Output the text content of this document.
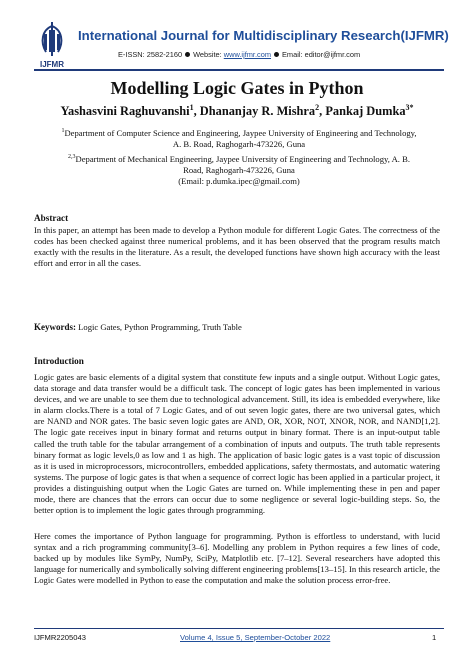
IJFMR
International Journal for Multidisciplinary Research(IJFMR)
E-ISSN: 2582-2160 Website: www.ijfmr.com Email: editor@ijfmr.com
Modelling Logic Gates in Python
Yashasvini Raghuvanshi$^1$, Dhananjay R. Mishra$^2$, Pankaj Dumka$^{3*}$
$^1$Department of Computer Science and Engineering, Jaypee University of Engineering and Technology,
A. B. Road, Raghogarh-473226, Guna
$^{2,3}$Department of Mechanical Engineering, Jaypee University of Engineering and Technology, A. B.
Road, Raghogarh-473226, Guna
(Email: p.dumka.ipec@gmail.com)
Abstract
In this paper, an attempt has been made to develop a Python module for different Logic Gates. The correctness of the codes has been checked against three numerical problems, and it has been observed that the program results match exactly with the results in the literature. As a result, the developed functions have shown high accuracy with the least effort and error in all the cases.
Keywords: Logic Gates, Python Programming, Truth Table
Introduction
Logic gates are basic elements of a digital system that constitute few inputs and a single output. Without Logic gates, data storage and data transfer would be a difficult task. The concept of logic gates has been implemented in various devices, and we are unable to see them due to technological advancement. Still, its idea is embedded everywhere, like in alarm clocks.There is a total of 7 Logic Gates, and of out seven logic gates, there are two universal gates, which are NAND and NOR gates. The basic seven logic gates are AND, OR, XOR, NOT, XNOR, NOR, and NAND[1,2]. The logic gate receives input in binary format and returns output in binary format. There is an input-output table called the truth table for the tabular arrangement of a combination of inputs and outputs. The truth table represents binary format as logic levels,0 as low and 1 as high. The application of basic logic gates is a vast topic of discussion as it is used in microprocessors, microcontrollers, embedded applications, safety thermostats, and automatic watering systems. The purpose of logic gates is that when a sequence of correct logic has been applied in a particular project, it provides a distinguishing output when the Logic Gates are turned on. While implementing these in pen and paper mode, there are chances that the errors can occur due to some negligence or several logic-building steps. So, the better option is to implement the logic gates through programming.
Here comes the importance of Python language for programming. Python is effortless to understand, with lucid syntax and a rich programming community[3–6]. Modelling any problem in Python requires a few lines of code, backed up by modules like SymPy, NumPy, SciPy, Matplotlib etc. [7–12]. Several researchers have adopted this language for numerically and symbolically solving different engineering problems[13–15]. In this research article, the Logic Gates were modelled in Python to ease the computation and make the solution process error-free.
IJFMR2205043	Volume 4, Issue 5, September-October 2022	1
